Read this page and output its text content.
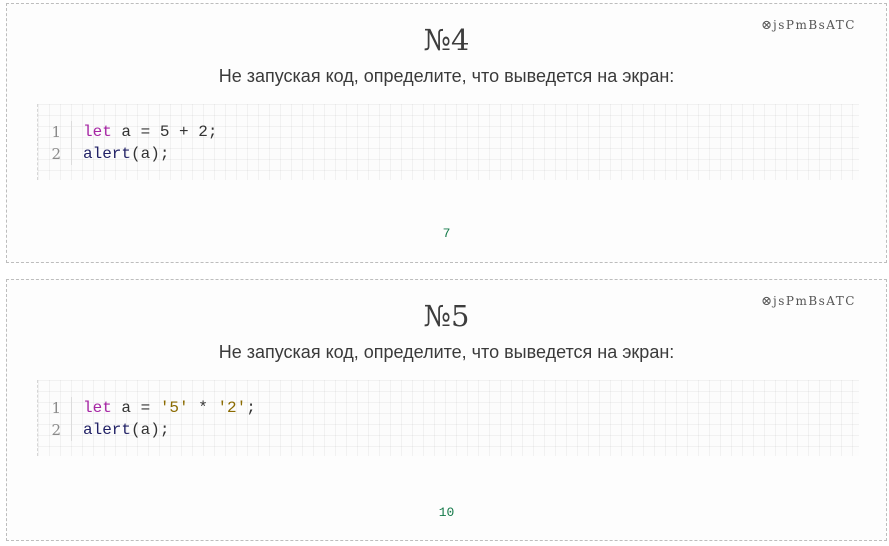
⊗jsPmBsATC
№4
Не запуская код, определите, что выведется на экран:
1
2
let a = 5 + 2;
alert(a);
7
⊗jsPmBsATC
№5
Не запуская код, определите, что выведется на экран:
1
2
let a = '5' * '2';
alert(a);
10
